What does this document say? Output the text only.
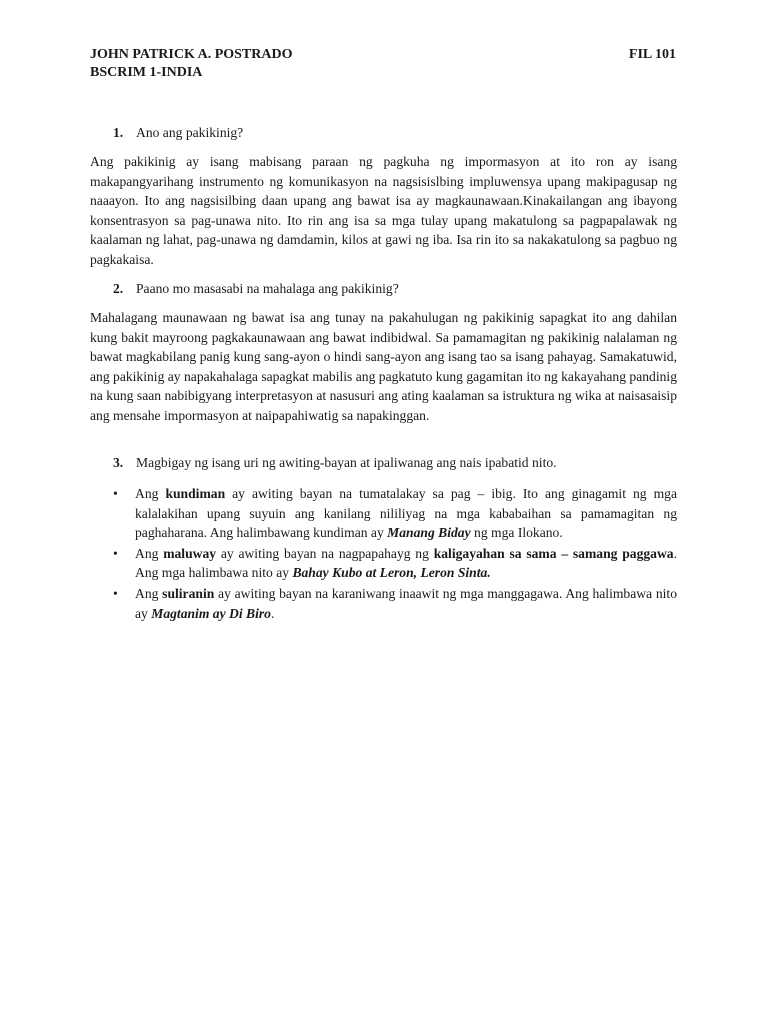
JOHN PATRICK A. POSTRADO	FIL 101
BSCRIM 1-INDIA
1. Ano ang pakikinig?
Ang pakikinig ay isang mabisang paraan ng pagkuha ng impormasyon at ito ron ay isang makapangyarihang instrumento ng komunikasyon na nagsisislbing impluwensya upang makipagusap ng naaayon. Ito ang nagsisilbing daan upang ang bawat isa ay magkaunawaan.Kinakailangan ang ibayong konsentrasyon sa pag-unawa nito. Ito rin ang isa sa mga tulay upang makatulong sa pagpapalawak ng kaalaman ng lahat, pag-unawa ng damdamin, kilos at gawi ng iba. Isa rin ito sa nakakatulong sa pagbuo ng pagkakaisa.
2. Paano mo masasabi na mahalaga ang pakikinig?
Mahalagang maunawaan ng bawat isa ang tunay na pakahulugan ng pakikinig sapagkat ito ang dahilan kung bakit mayroong pagkakaunawaan ang bawat indibidwal. Sa pamamagitan ng pakikinig nalalaman ng bawat magkabilang panig kung sang-ayon o hindi sang-ayon ang isang tao sa isang pahayag. Samakatuwid, ang pakikinig ay napakahalaga sapagkat mabilis ang pagkatuto kung gagamitan ito ng kakayahang pandinig na kung saan nabibigyang interpretasyon at nasusuri ang ating kaalaman sa istruktura ng wika at naisasaisip ang mensahe impormasyon at naipapahiwatig sa napakinggan.
3. Magbigay ng isang uri ng awiting-bayan at ipaliwanag ang nais ipabatid nito.
• Ang kundiman ay awiting bayan na tumatalakay sa pag – ibig. Ito ang ginagamit ng mga kalalakihan upang suyuin ang kanilang nililiyag na mga kababaihan sa pamamagitan ng paghaharana. Ang halimbawang kundiman ay Manang Biday ng mga Ilokano.
• Ang maluway ay awiting bayan na nagpapahayg ng kaligayahan sa sama – samang paggawa. Ang mga halimbawa nito ay Bahay Kubo at Leron, Leron Sinta.
• Ang suliranin ay awiting bayan na karaniwang inaawit ng mga manggagawa. Ang halimbawa nito ay Magtanim ay Di Biro.
